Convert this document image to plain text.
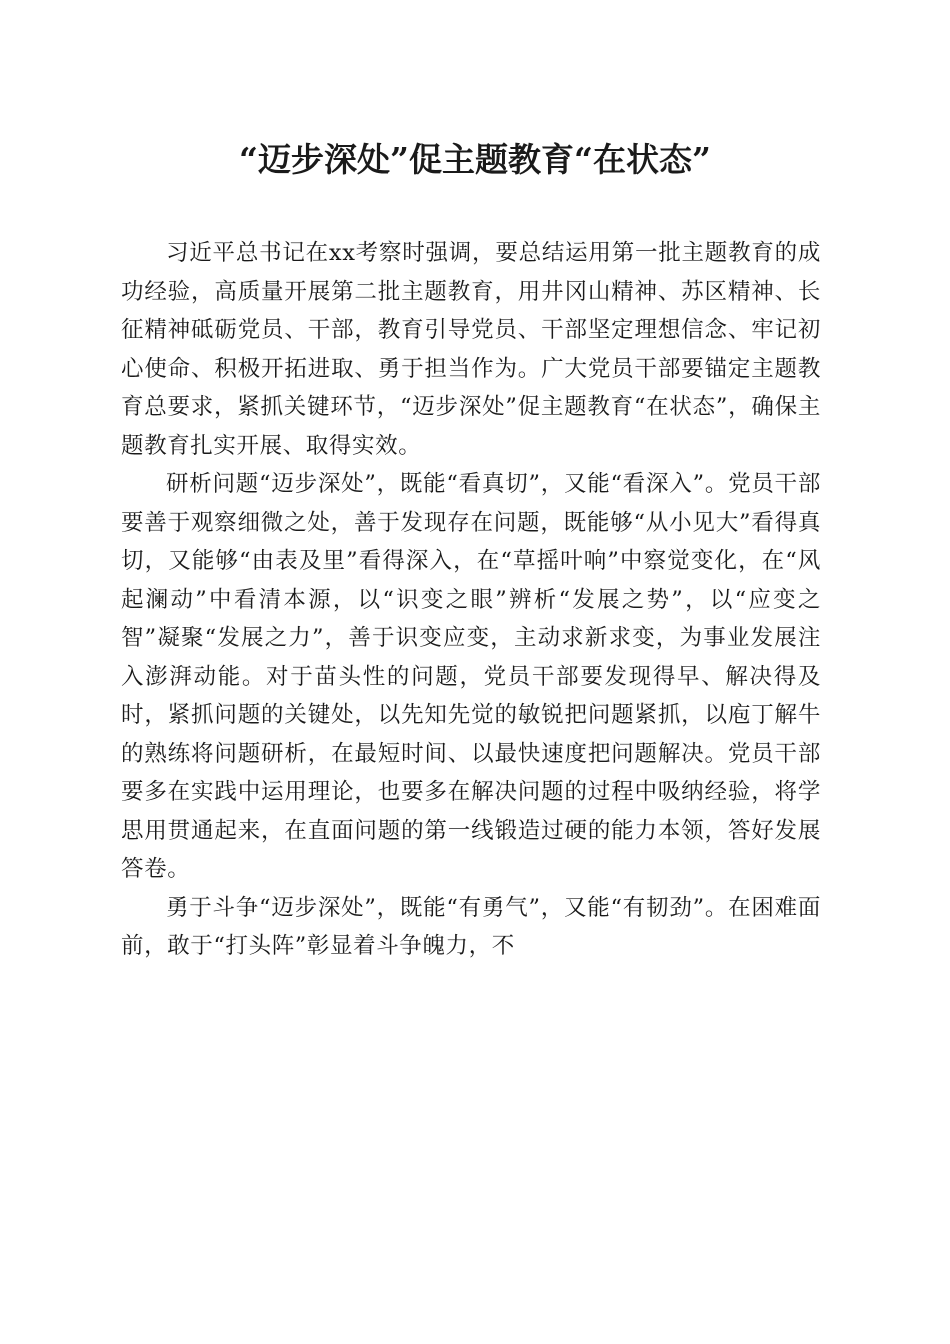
“迈步深处”促主题教育“在状态”

习近平总书记在xx考察时强调，要总结运用第一批主题教育的成功经验，高质量开展第二批主题教育，用井冈山精神、苏区精神、长征精神砥砺党员、干部，教育引导党员、干部坚定理想信念、牢记初心使命、积极开拓进取、勇于担当作为。广大党员干部要锚定主题教育总要求，紧抓关键环节，“迈步深处”促主题教育“在状态”，确保主题教育扎实开展、取得实效。

研析问题“迈步深处”，既能“看真切”，又能“看深入”。党员干部要善于观察细微之处，善于发现存在问题，既能够“从小见大”看得真切，又能够“由表及里”看得深入，在“草摇叶响”中察觉变化，在“风起澜动”中看清本源，以“识变之眼”辨析“发展之势”，以“应变之智”凝聚“发展之力”，善于识变应变，主动求新求变，为事业发展注入澎湃动能。对于苗头性的问题，党员干部要发现得早、解决得及时，紧抓问题的关键处，以先知先觉的敏锐把问题紧抓，以庖丁解牛的熟练将问题研析，在最短时间、以最快速度把问题解决。党员干部要多在实践中运用理论，也要多在解决问题的过程中吸纳经验，将学思用贯通起来，在直面问题的第一线锻造过硬的能力本领，答好发展答卷。

勇于斗争“迈步深处”，既能“有勇气”，又能“有韧劲”。在困难面前，敢于“打头阵”彰显着斗争魄力，不
